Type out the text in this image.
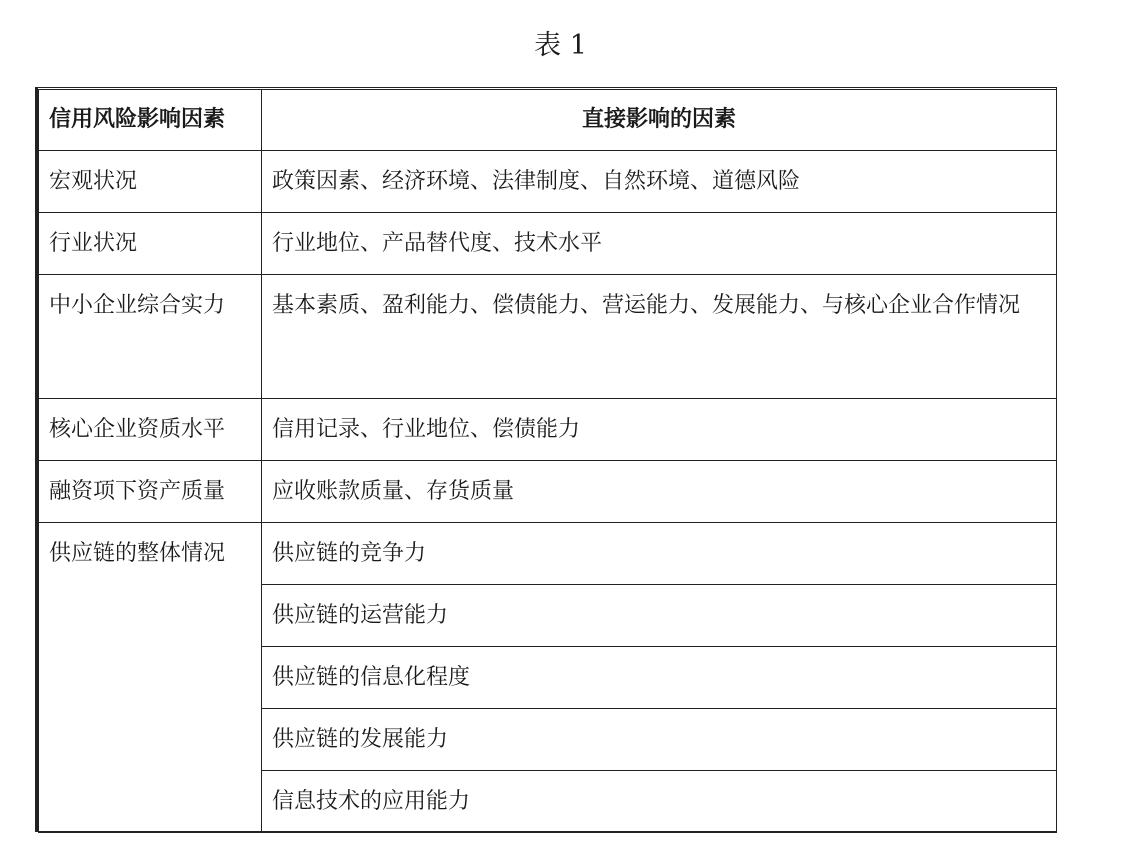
表 1
信用风险影响因素	直接影响的因素
宏观状况	政策因素、经济环境、法律制度、自然环境、道德风险
行业状况	行业地位、产品替代度、技术水平
中小企业综合实力	基本素质、盈利能力、偿债能力、营运能力、发展能力、与核心企业合作情况
核心企业资质水平	信用记录、行业地位、偿债能力
融资项下资产质量	应收账款质量、存货质量
供应链的整体情况	供应链的竞争力
	供应链的运营能力
	供应链的信息化程度
	供应链的发展能力
	信息技术的应用能力
